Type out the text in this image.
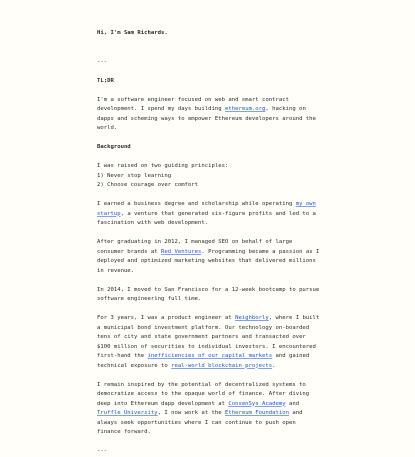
Hi, I'm Sam Richards.

---

TL;DR

I'm a software engineer focused on web and smart contract development. I spend my days building ethereum.org, hacking on dapps and scheming ways to empower Ethereum developers around the world.

Background

I was raised on two guiding principles:

1) Never stop learning

2) Choose courage over comfort

I earned a business degree and scholarship while operating my own startup, a venture that generated six-figure profits and led to a fascination with web development.

After graduating in 2012, I managed SEO on behalf of large consumer brands at Red Ventures. Programming became a passion as I deployed and optimized marketing websites that delivered millions in revenue.

In 2014, I moved to San Francisco for a 12-week bootcamp to pursue software engineering full time.

For 3 years, I was a product engineer at Neighborly, where I built a municipal bond investment platform. Our technology on-boarded tens of city and state government partners and transacted over $100 million of securities to individual investors. I encountered first-hand the inefficiencies of our capital markets and gained technical exposure to real-world blockchain projects.

I remain inspired by the potential of decentralized systems to democratize access to the opaque world of finance. After diving deep into Ethereum dapp development at ConsenSys Academy and Truffle University, I now work at the Ethereum Foundation and always seek opportunities where I can continue to push open finance forward.

---
